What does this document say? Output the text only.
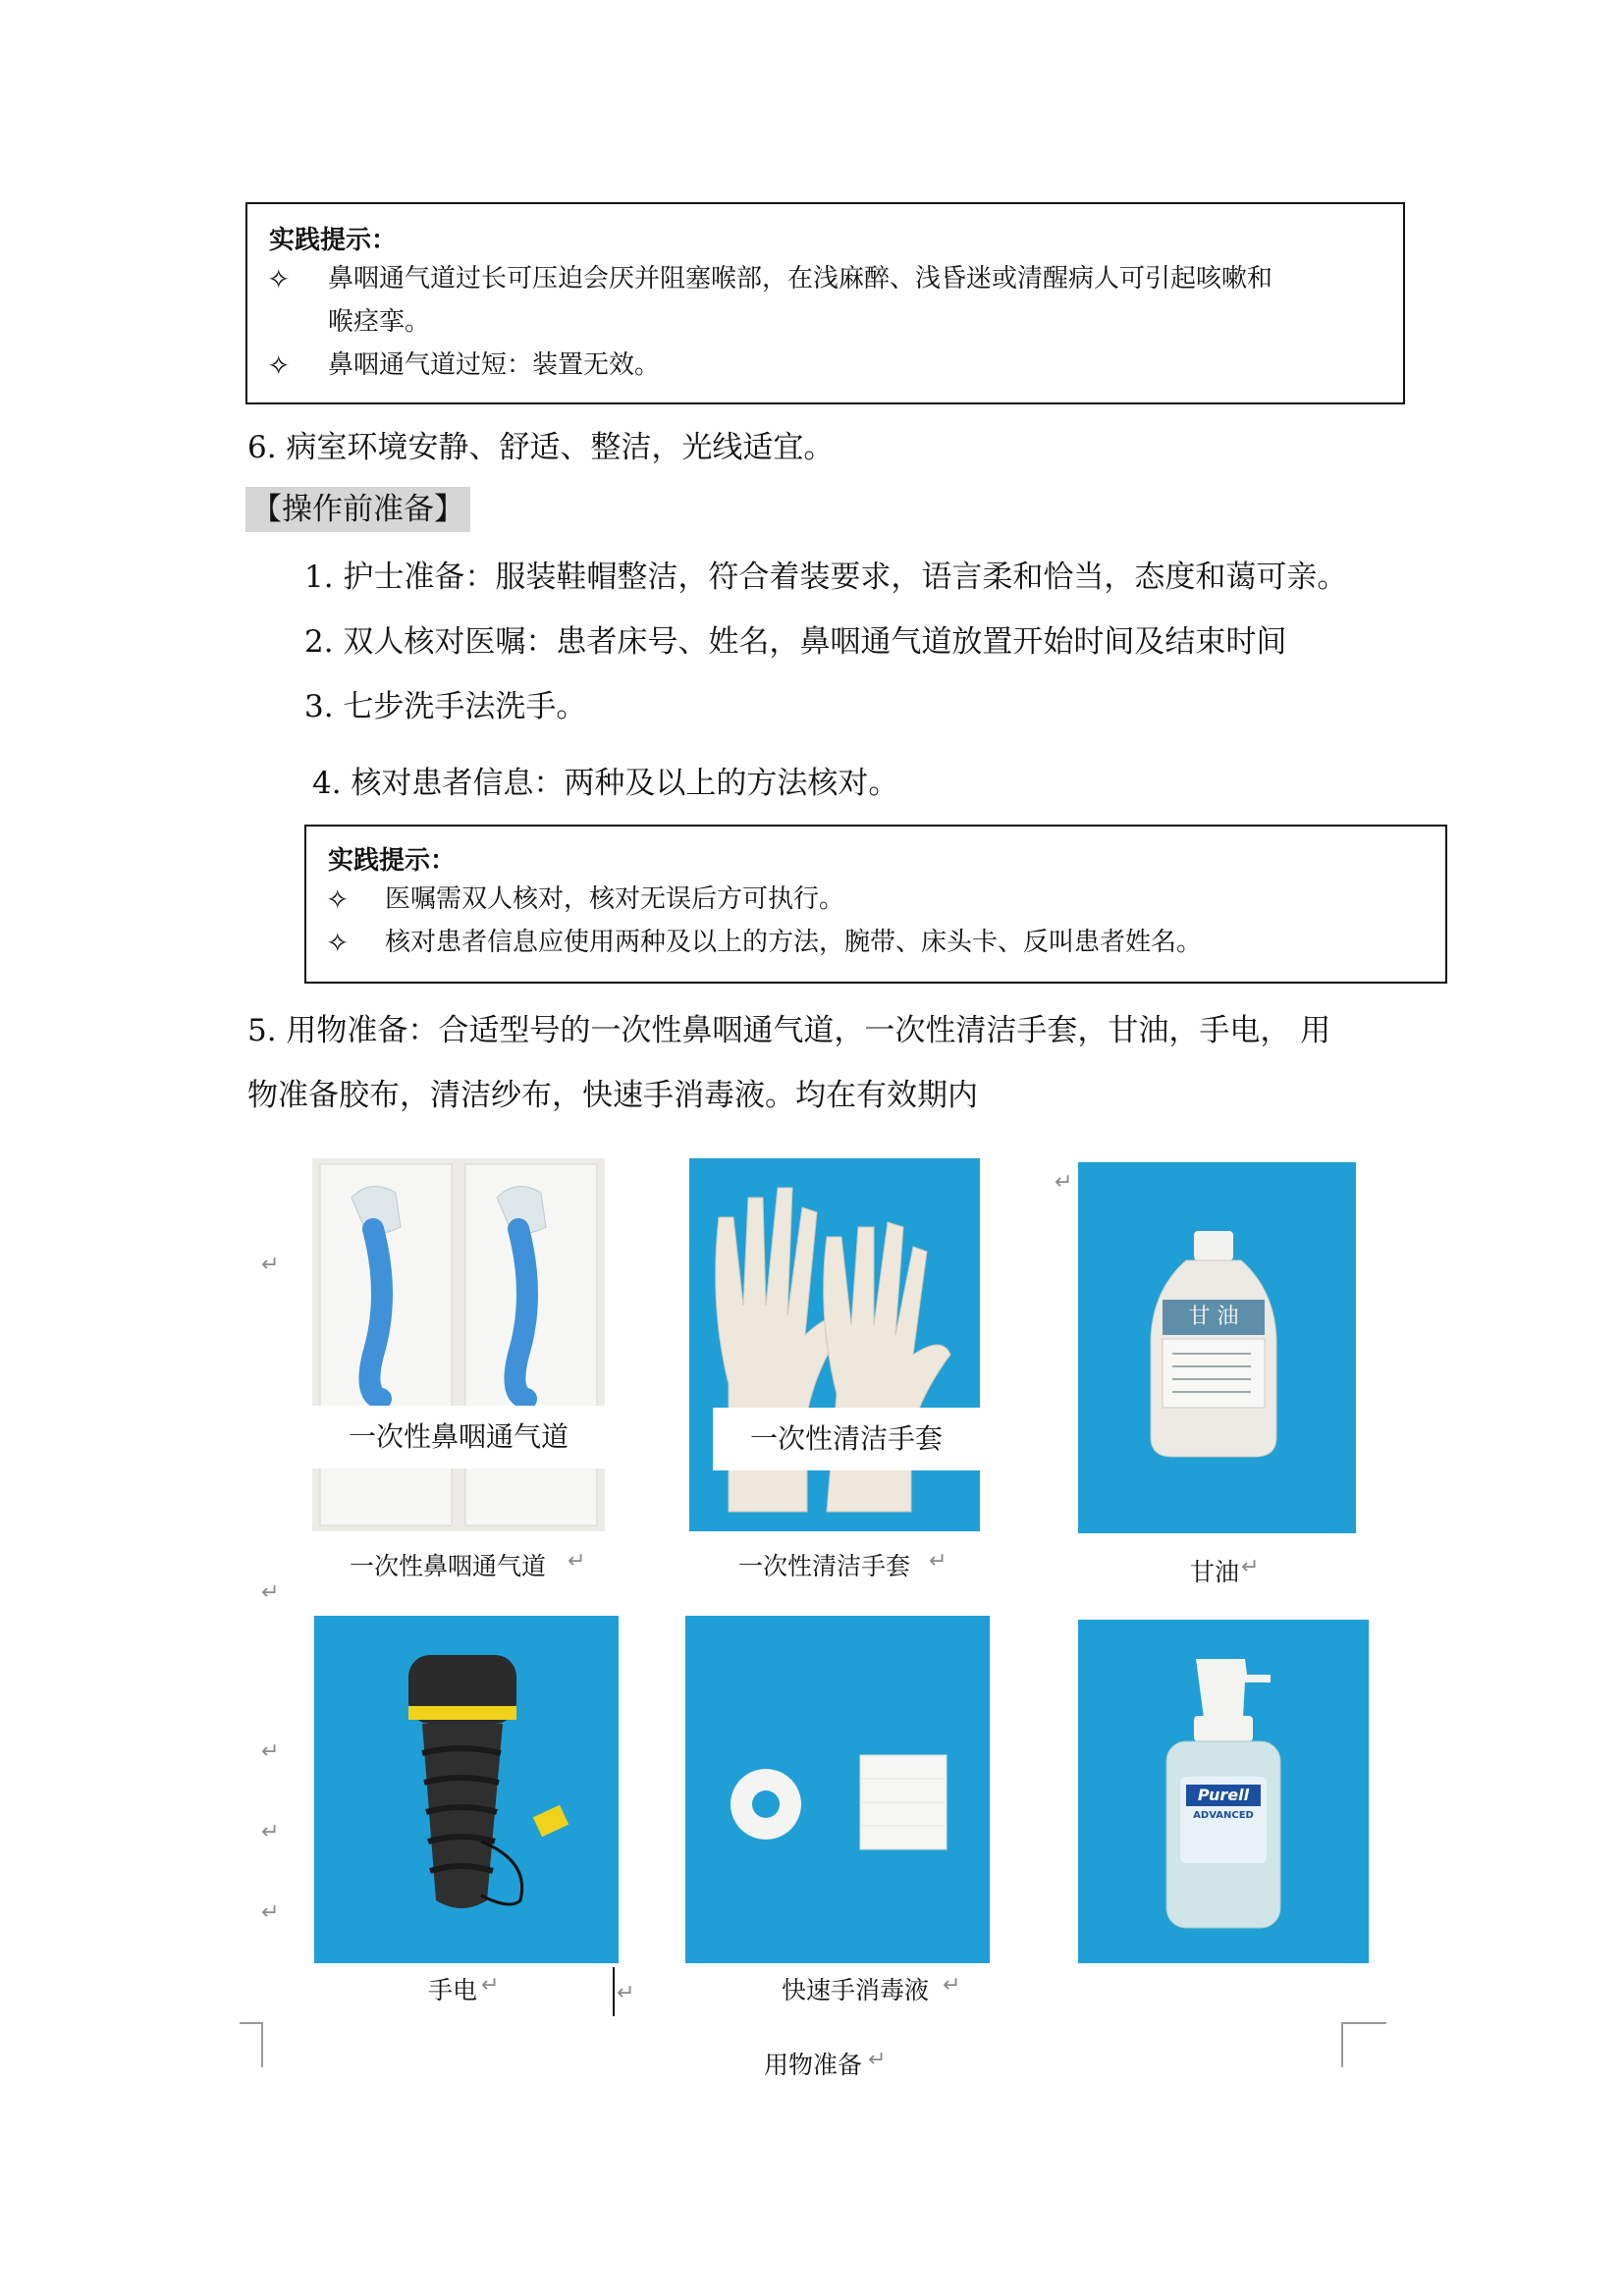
实践提示：
✧ 鼻咽通气道过长可压迫会厌并阻塞喉部，在浅麻醉、浅昏迷或清醒病人可引起咳嗽和
喉痉挛。
✧ 鼻咽通气道过短：装置无效。
6. 病室环境安静、舒适、整洁，光线适宜。
【操作前准备】
1. 护士准备：服装鞋帽整洁，符合着装要求，语言柔和恰当，态度和蔼可亲。
2. 双人核对医嘱：患者床号、姓名，鼻咽通气道放置开始时间及结束时间
3. 七步洗手法洗手。
4. 核对患者信息：两种及以上的方法核对。
实践提示：
✧ 医嘱需双人核对，核对无误后方可执行。
✧ 核对患者信息应使用两种及以上的方法，腕带、床头卡、反叫患者姓名。
5. 用物准备：合适型号的一次性鼻咽通气道，一次性清洁手套，甘油，手电， 用
物准备胶布，清洁纱布，快速手消毒液。均在有效期内
一次性鼻咽通气道	一次性清洁手套
甘 油
一次性鼻咽通气道 ↵	一次性清洁手套 ↵	甘油 ↵
↵
↵
↵
↵
↵
↵
Purell
ADVANCED
手电 ↵	↵	快速手消毒液 ↵
用物准备 ↵
